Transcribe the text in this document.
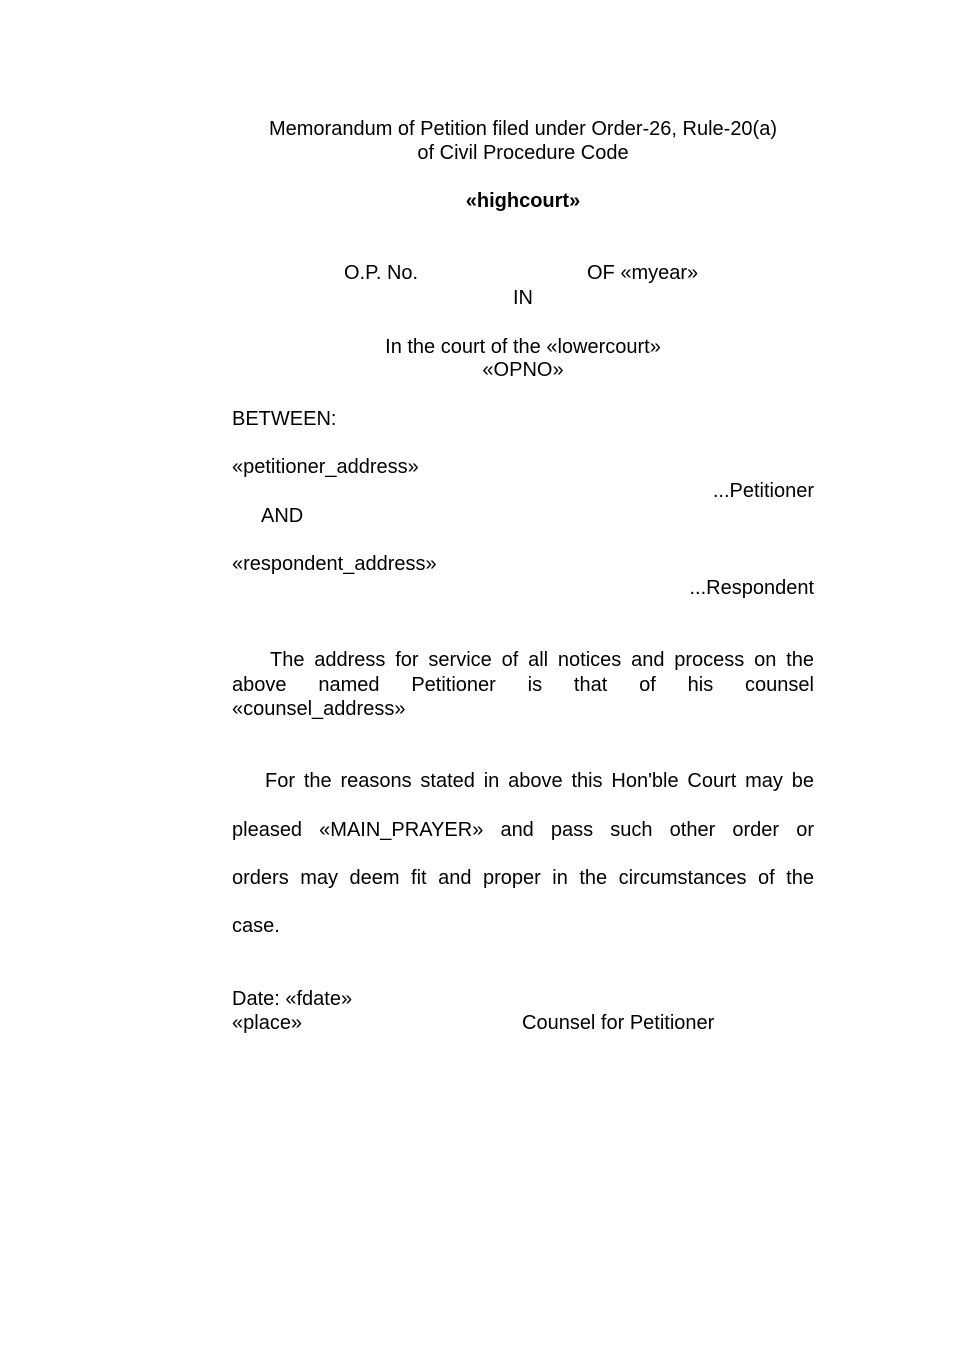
Memorandum of Petition filed under Order-26, Rule-20(a)
of Civil Procedure Code
«highcourt»
O.P. No.	OF «myear»
IN
In the court of the «lowercourt»
«OPNO»
BETWEEN:
«petitioner_address»
...Petitioner
AND
«respondent_address»
...Respondent
The address for service of all notices and process on the
above named Petitioner is that of his counsel
«counsel_address»
For the reasons stated in above this Hon'ble Court may be
pleased «MAIN_PRAYER» and pass such other order or
orders may deem fit and proper in the circumstances of the
case.
Date: «fdate»
«place»	Counsel for Petitioner
